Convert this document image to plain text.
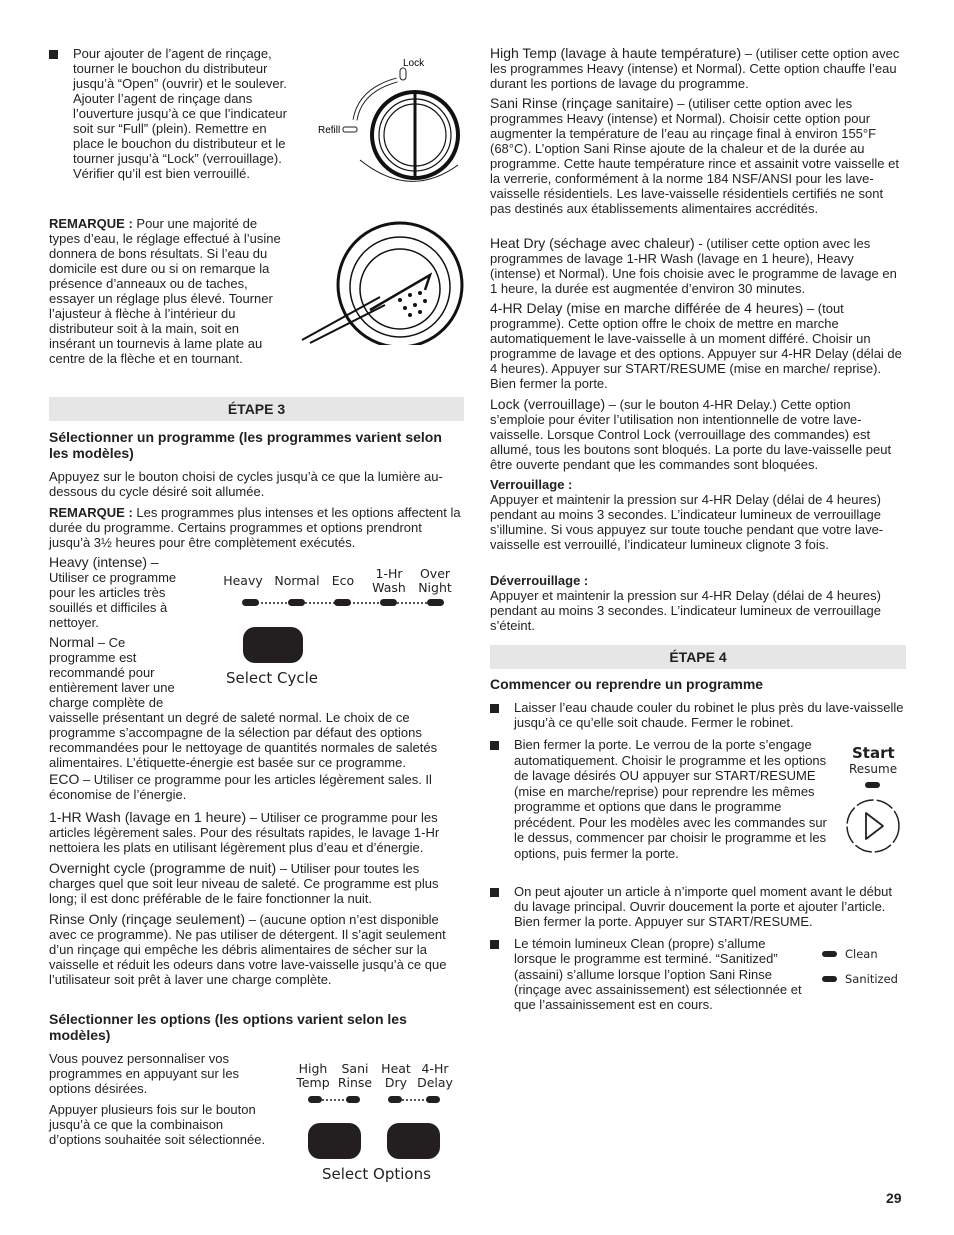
Pour ajouter de l’agent de rinçage, tourner le bouchon du distributeur jusqu’à “Open” (ouvrir) et le soulever. Ajouter l’agent de rinçage dans l’ouverture jusqu’à ce que l’indicateur soit sur “Full” (plein). Remettre en place le bouchon du distributeur et le tourner jusqu’à “Lock” (verrouillage). Vérifier qu’il est bien verrouillé.

Lock
Refill

REMARQUE : Pour une majorité de types d’eau, le réglage effectué à l’usine donnera de bons résultats. Si l’eau du domicile est dure ou si on remarque la présence d’anneaux ou de taches, essayer un réglage plus élevé. Tourner l’ajusteur à flèche à l’intérieur du distributeur soit à la main, soit en insérant un tournevis à lame plate au centre de la flèche et en tournant.

ÉTAPE 3

Sélectionner un programme (les programmes varient selon les modèles)

Appuyez sur le bouton choisi de cycles jusqu’à ce que la lumière au-dessous du cycle désiré soit allumée.

REMARQUE : Les programmes plus intenses et les options affectent la durée du programme. Certains programmes et options prendront jusqu’à 3½ heures pour être complètement exécutés.

Heavy (intense) –
Utiliser ce programme pour les articles très souillés et difficiles à nettoyer.

Normal – Ce programme est recommandé pour entièrement laver une charge complète de

vaisselle présentant un degré de saleté normal. Le choix de ce programme s’accompagne de la sélection par défaut des options recommandées pour le nettoyage de quantités normales de saletés alimentaires. L’étiquette-énergie est basée sur ce programme.

Heavy Normal Eco	1-Hr
Wash
Over
Night
Select Cycle

ECO – Utiliser ce programme pour les articles légèrement sales. Il économise de l’énergie.

1-HR Wash (lavage en 1 heure) – Utiliser ce programme pour les articles légèrement sales. Pour des résultats rapides, le lavage 1-Hr nettoiera les plats en utilisant légèrement plus d’eau et d’énergie.

Overnight cycle (programme de nuit) – Utiliser pour toutes les charges quel que soit leur niveau de saleté. Ce programme est plus long; il est donc préférable de le faire fonctionner la nuit.

Rinse Only (rinçage seulement) – (aucune option n’est disponible avec ce programme). Ne pas utiliser de détergent. Il s’agit seulement d’un rinçage qui empêche les débris alimentaires de sécher sur la vaisselle et réduit les odeurs dans votre lave-vaisselle jusqu’à ce que l’utilisateur soit prêt à laver une charge complète.

Sélectionner les options (les options varient selon les modèles)

Vous pouvez personnaliser vos programmes en appuyant sur les options désirées.

Appuyer plusieurs fois sur le bouton jusqu’à ce que la combinaison d’options souhaitée soit sélectionnée.

High
Temp
Sani
Rinse
Heat
Dry
4-Hr
Delay
Select Options

High Temp (lavage à haute température) – (utiliser cette option avec les programmes Heavy (intense) et Normal). Cette option chauffe l’eau durant les portions de lavage du programme.

Sani Rinse (rinçage sanitaire) – (utiliser cette option avec les programmes Heavy (intense) et Normal). Choisir cette option pour augmenter la température de l’eau au rinçage final à environ 155°F (68°C). L’option Sani Rinse ajoute de la chaleur et de la durée au programme. Cette haute température rince et assainit votre vaisselle et la verrerie, conformément à la norme 184 NSF/ANSI pour les lave-vaisselle résidentiels. Les lave-vaisselle résidentiels certifiés ne sont pas destinés aux établissements alimentaires accrédités.

Heat Dry (séchage avec chaleur) - (utiliser cette option avec les programmes de lavage 1-HR Wash (lavage en 1 heure), Heavy (intense) et Normal). Une fois choisie avec le programme de lavage en 1 heure, la durée est augmentée d’environ 30 minutes.

4-HR Delay (mise en marche différée de 4 heures) – (tout programme). Cette option offre le choix de mettre en marche automatiquement le lave-vaisselle à un moment différé. Choisir un programme de lavage et des options. Appuyer sur 4-HR Delay (délai de 4 heures). Appuyer sur START/RESUME (mise en marche/ reprise). Bien fermer la porte.

Lock (verrouillage) – (sur le bouton 4-HR Delay.) Cette option s’emploie pour éviter l’utilisation non intentionnelle de votre lave-vaisselle. Lorsque Control Lock (verrouillage des commandes) est allumé, tous les boutons sont bloqués. La porte du lave-vaisselle peut être ouverte pendant que les commandes sont bloquées.

Verrouillage :
Appuyer et maintenir la pression sur 4-HR Delay (délai de 4 heures) pendant au moins 3 secondes. L’indicateur lumineux de verrouillage s’illumine. Si vous appuyez sur toute touche pendant que votre lave-vaisselle est verrouillé, l’indicateur lumineux clignote 3 fois.

Déverrouillage :
Appuyer et maintenir la pression sur 4-HR Delay (délai de 4 heures) pendant au moins 3 secondes. L’indicateur lumineux de verrouillage s’éteint.

ÉTAPE 4

Commencer ou reprendre un programme

Laisser l’eau chaude couler du robinet le plus près du lave-vaisselle jusqu’à ce qu’elle soit chaude. Fermer le robinet.

Bien fermer la porte. Le verrou de la porte s’engage automatiquement. Choisir le programme et les options de lavage désirés OU appuyer sur START/RESUME (mise en marche/reprise) pour reprendre les mêmes programme et options que dans le programme précédent. Pour les modèles avec les commandes sur le dessus, commencer par choisir le programme et les options, puis fermer la porte.

Start
Resume

On peut ajouter un article à n’importe quel moment avant le début du lavage principal. Ouvrir doucement la porte et ajouter l’article. Bien fermer la porte. Appuyer sur START/RESUME.

Le témoin lumineux Clean (propre) s’allume lorsque le programme est terminé. “Sanitized” (assaini) s’allume lorsque l’option Sani Rinse (rinçage avec assainissement) est sélectionnée et que l’assainissement est en cours.

Clean
Sanitized
29
